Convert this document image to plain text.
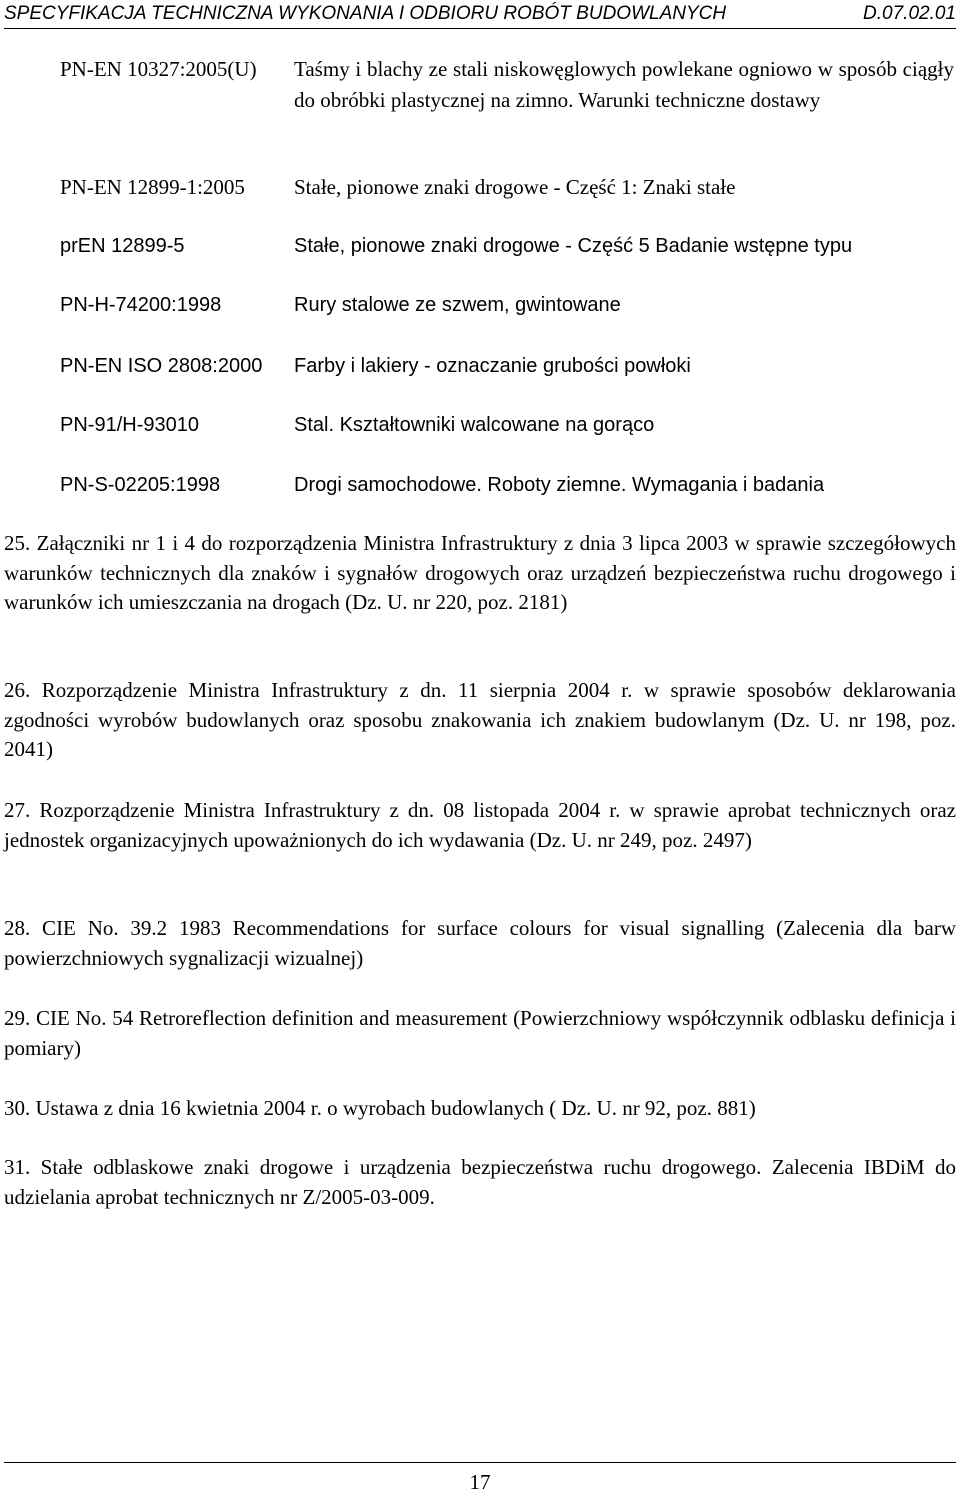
SPECYFIKACJA TECHNICZNA WYKONANIA I ODBIORU ROBÓT BUDOWLANYCH	D.07.02.01
PN-EN 10327:2005(U)	Taśmy i blachy ze stali niskowęglowych powlekane ogniowo w sposób ciągły do obróbki plastycznej na zimno. Warunki techniczne dostawy
PN-EN 12899-1:2005	Stałe, pionowe znaki drogowe - Część 1: Znaki stałe
prEN 12899-5	Stałe, pionowe znaki drogowe - Część 5 Badanie wstępne typu
PN-H-74200:1998	Rury stalowe ze szwem, gwintowane
PN-EN ISO 2808:2000	Farby i lakiery - oznaczanie grubości powłoki
PN-91/H-93010	Stal. Kształtowniki walcowane na gorąco
PN-S-02205:1998	Drogi samochodowe. Roboty ziemne. Wymagania i badania
25. Załączniki nr 1 i 4 do rozporządzenia Ministra Infrastruktury z dnia 3 lipca 2003 w sprawie szczegółowych warunków technicznych dla znaków i sygnałów drogowych oraz urządzeń bezpieczeństwa ruchu drogowego i warunków ich umieszczania na drogach (Dz. U. nr 220, poz. 2181)
26. Rozporządzenie Ministra Infrastruktury z dn. 11 sierpnia 2004 r. w sprawie sposobów deklarowania zgodności wyrobów budowlanych oraz sposobu znakowania ich znakiem budowlanym (Dz. U. nr 198, poz. 2041)
27. Rozporządzenie Ministra Infrastruktury z dn. 08 listopada 2004 r. w sprawie aprobat technicznych oraz jednostek organizacyjnych upoważnionych do ich wydawania (Dz. U. nr 249, poz. 2497)
28. CIE No. 39.2 1983 Recommendations for surface colours for visual signalling (Zalecenia dla barw powierzchniowych sygnalizacji wizualnej)
29. CIE No. 54 Retroreflection definition and measurement (Powierzchniowy współczynnik odblasku definicja i pomiary)
30. Ustawa z dnia 16 kwietnia 2004 r. o wyrobach budowlanych ( Dz. U. nr 92, poz. 881)
31. Stałe odblaskowe znaki drogowe i urządzenia bezpieczeństwa ruchu drogowego. Zalecenia IBDiM do udzielania aprobat technicznych nr Z/2005-03-009.
17
